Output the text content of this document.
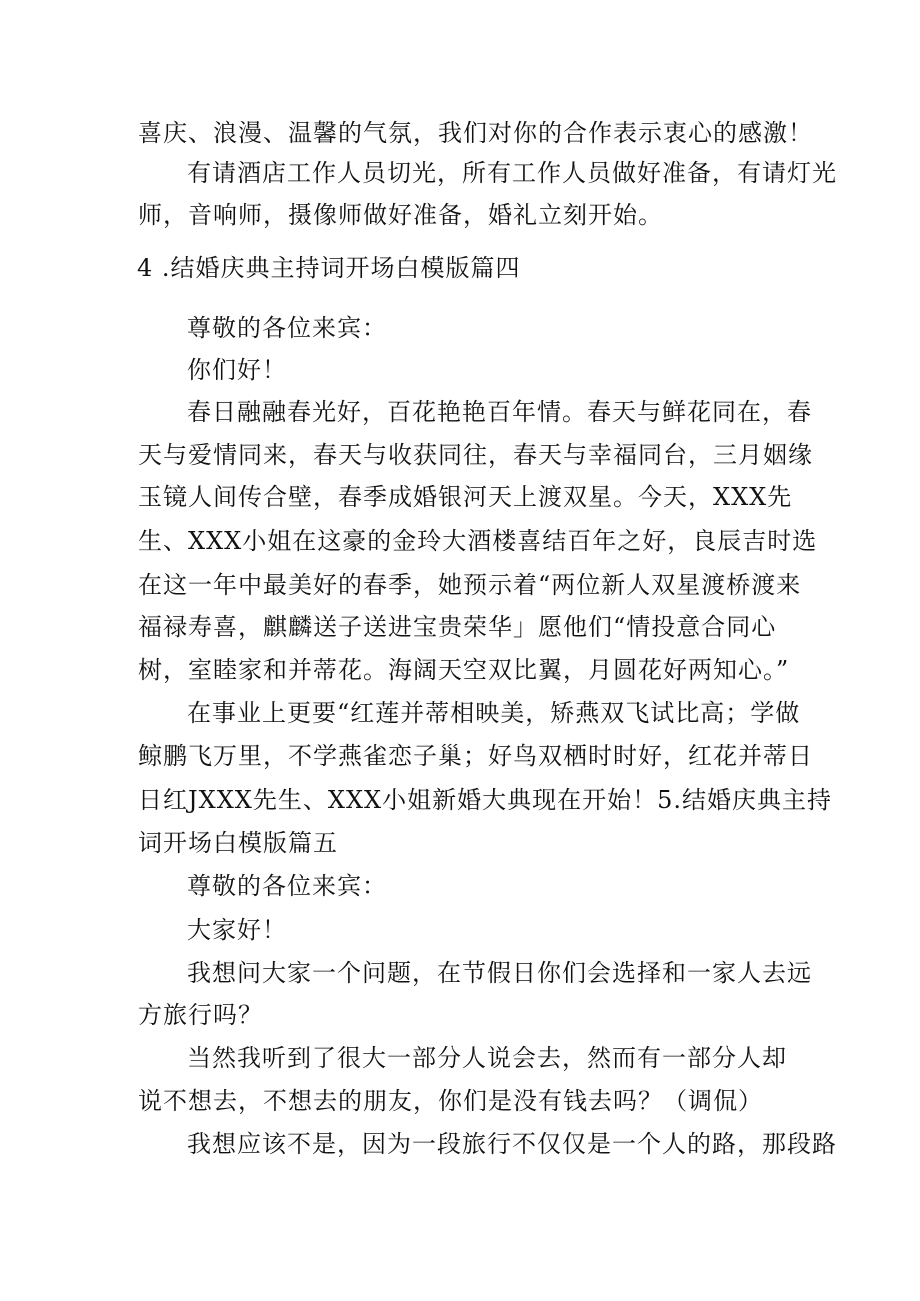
喜庆、浪漫、温馨的气氛，我们对你的合作表示衷心的感激！

有请酒店工作人员切光，所有工作人员做好准备，有请灯光

师，音响师，摄像师做好准备，婚礼立刻开始。

4 .结婚庆典主持词开场白模版篇四

尊敬的各位来宾：

你们好！

春日融融春光好，百花艳艳百年情。春天与鲜花同在，春

天与爱情同来，春天与收获同往，春天与幸福同台，三月姻缘

玉镜人间传合壁，春季成婚银河天上渡双星。今天，XXX先

生、XXX小姐在这豪的金玲大酒楼喜结百年之好，良辰吉时选

在这一年中最美好的春季，她预示着“两位新人双星渡桥渡来

福禄寿喜，麒麟送子送进宝贵荣华」愿他们“情投意合同心

树，室睦家和并蒂花。海阔天空双比翼，月圆花好两知心。”

在事业上更要“红莲并蒂相映美，矫燕双飞试比高；学做

鲸鹏飞万里，不学燕雀恋子巢；好鸟双栖时时好，红花并蒂日

日红JXXX先生、XXX小姐新婚大典现在开始！5.结婚庆典主持

词开场白模版篇五

尊敬的各位来宾：

大家好！

我想问大家一个问题，在节假日你们会选择和一家人去远

方旅行吗？

当然我听到了很大一部分人说会去，然而有一部分人却

说不想去，不想去的朋友，你们是没有钱去吗？（调侃）

我想应该不是，因为一段旅行不仅仅是一个人的路，那段路
